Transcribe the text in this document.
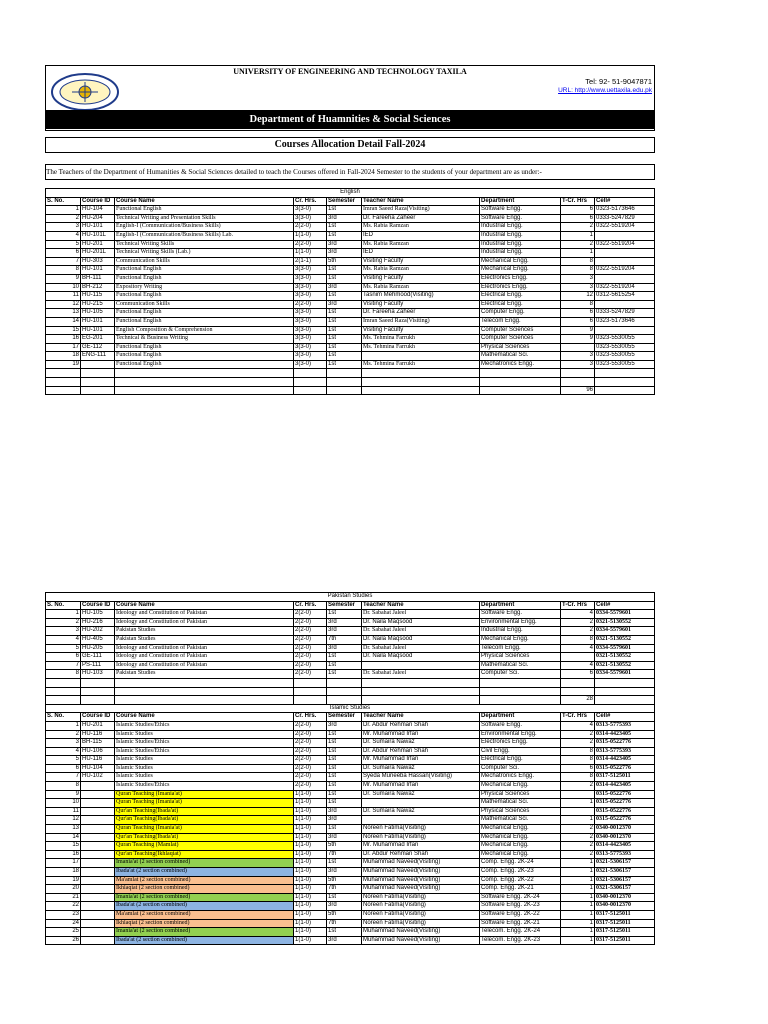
UNIVERSITY OF ENGINEERING AND TECHNOLOGY TAXILA
Tel: 92- 51-9047871
URL: http://www.uettaxila.edu.pk
Department of Huamnities & Social Sciences
Courses Allocation Detail Fall-2024
The Teachers of the Department of Humanities & Social Sciences detailed to teach the Courses offered in Fall-2024 Semester to the students of your department are as under:-
English								
S. No.	Course ID	Course Name	Cr. Hrs.	Semester	Teacher Name	Department	T-Cr. Hrs	Cell#
1	HU-104	Functional English	3(3-0)	1st	Imran Saeed Raza(Visiting)	Software Engg.	6	0323-5173646
2	HU-204	Technical Writing and Presentation Skills	3(3-0)	3rd	Dr. Fareeha Zaheer	Software Engg.	6	0333-5247829
3	HU-101	English-I (Communication/Business Skills)	2(2-0)	1st	Ms. Rabia Ramzan	Industrial Engg.	2	0322-5519204
4	HU-101L	English-I (Communication/Business Skills) Lab.	1(1-0)	1st	IED	Industrial Engg.	1	
5	HU-201	Technical Writing Skills	2(2-0)	3rd	Ms. Rabia Ramzan	Industrial Engg.	2	0322-5519204
6	HU-201L	Technical Writing Skills (Lab.)	1(1-0)	3rd	IED	Industrial Engg.	1	
7	HU-303	Communication Skills	2(1-1)	5th	Visiting Faculty	Mechanical Engg.	8	
8	HU-101	Functional English	3(3-0)	1st	Ms. Rabia Ramzan	Mechanical Engg.	8	0322-5519204
9	BH-111	Functional English	3(3-0)	1st	Visiting Faculty	Electronics Engg.	3	
10	BH-212	Expository Writing	3(3-0)	3rd	Ms. Rabia Ramzan	Electronics Engg.	3	0322-5519204
11	HU-115	Functional English	3(3-0)	1st	Tasnim Mehmood(Visiting)	Electrical Engg.	12	0312-5615254
12	HU-215	Communication Skills	2(2-0)	3rd	Visiting Faculty	Electrical Engg.	8	
13	HU-105	Functional English	3(3-0)	1st	Dr. Fareeha Zaheer	Computer Engg.	6	0333-5247829
14	HU-101	Functional English	3(3-0)	1st	Imran Saeed Raza(Visiting)	Telecom Engg.	6	0323-5173646
15	HU-101	English Composition & Comprehension	3(3-0)	1st	Visiting Faculty	Computer Sciences	9	
16	EG-201	Technical & Business Writing	3(3-0)	1st	Ms. Tehmina Farrukh	Computer Sciences	9	0323-5530055
17	GE-112	Functional English	3(3-0)	1st	Ms. Tehmina Farrukh	Physical Sciences		0323-5530055
18	ENG-111	Functional English	3(3-0)	1st		Mathematical Sci.	3	0323-5530055
19		Functional English	3(3-0)	1st	Ms. Tehmina Farrukh	Mechatronics Engg.	3	0323-5530055

							96	
Pakistan Studies								
S. No.	Course ID	Course Name	Cr. Hrs.	Semester	Teacher Name	Department	T-Cr. Hrs	Cell#
1	HU-105	Ideology and Constitution of Pakistan	2(2-0)	1st	Dr. Sabahat Jaleel	Software Engg.	4	0334-5579601
2	HU-216	Ideology and Constitution of Pakistan	2(2-0)	3rd	Dr. Naila Maqsood	Environmental Engg.	2	0321-5130552
3	HU-202	Pakistan Studies	2(2-0)	3rd	Dr. Sabahat Jaleel	Industrial Engg.	2	0334-5579601
4	HU-405	Pakistan Studies	2(2-0)	7th	Dr. Naila Maqsood	Mechanical Engg.	8	0321-5130552
5	HU-205	Ideology and Constitution of Pakistan	2(2-0)	3rd	Dr. Sabahat Jaleel	Telecom Engg.	4	0334-5579601
6	GE-111	Ideology and Constitution of Pakistan	2(2-0)	1st	Dr. Naila Maqsood	Physical Sciences		0321-5130552
7	PS-111	Ideology and Constitution of Pakistan	2(2-0)	1st		Mathematical Sci.	4	0321-5130552
8	HU-103	Pakistan Studies	2(2-0)	1st	Dr. Sabahat Jaleel	Computer Sci.	6	0334-5579601

							28	
Islamic Studies								
S. No.	Course ID	Course Name	Cr. Hrs.	Semester	Teacher Name	Department	T-Cr. Hrs	Cell#
1	HU-201	Islamic Studies/Ethics	2(2-0)	3rd	Dr. Abdur Rehman Shah	Software Engg.	4	0313-5775393
2	HU-116	Islamic Studies	2(2-0)	1st	Mr. Muhammad Irfan	Environmental Engg.	2	0314-4423405
3	BH-115	Islamic Studies/Ethics	2(2-0)	1st	Dr. Sumaira Nawaz	Electronics Engg.	2	0315-0522776
4	HU-106	Islamic Studies/Ethics	2(2-0)	1st	Dr. Abdur Rehman Shah	Civil Engg.	8	0313-5775393
5	HU-116	Islamic Studies	2(2-0)	1st	Mr. Muhammad Irfan	Electrical Engg.	8	0314-4423405
6	HU-104	Islamic Studies	2(2-0)	1st	Dr. Sumaira Nawaz	Computer Sci.	6	0315-0522776
7	HU-102	Islamic Studies	2(2-0)	1st	Syeda Muneeba Hassan(Visiting)	Mechatronics Engg.	8	0317-5125011
8		Islamic Studies/Ethics	2(2-0)	1st	Mr. Muhammad Irfan	Mechanical Engg.	2	0314-4423405
9		Quran Teaching (Imania'at)	1(1-0)	1st	Dr. Sumaira Nawaz	Physical Sciences		0315-0522776
10		Quran Teaching (Imania'at)	1(1-0)	1st		Mathematical Sci.	1	0315-0522776
11		Qur'an Teaching(Ibada'at)	1(1-0)	3rd	Dr. Sumaira Nawaz	Physical Sciences		0315-0522776
12		Qur'an Teaching(Ibada'at)	1(1-0)	3rd		Mathematical Sci.	1	0315-0522776
13		Quran Teaching (Imania'at)	1(1-0)	1st	Noreen Fatima(Visiting)	Mechanical Engg.	2	0340-0012370
14		Qur'an Teaching(Ibada'at)	1(1-0)	3rd	Noreen Fatima(Visiting)	Mechanical Engg.	2	0340-0012370
15		Quran Teaching (Mamlat)	1(1-0)	5th	Mr. Muhammad Irfan	Mechanical Engg.	2	0314-4423405
16		Qur'an Teaching(Ikhlaqiat)	1(1-0)	7th	Dr. Abdur Rehman Shah	Mechanical Engg.	2	0313-5775393
17		Imania'at (2 section combined)	1(1-0)	1st	Muhammad Naveed(Visiting)	Comp. Engg. 2K-24	1	0321-5306157
18		Ibada'at (2 section combined)	1(1-0)	3rd	Muhammad Naveed(Visiting)	Comp. Engg. 2K-23	1	0321-5306157
19		Ma'amlat (2 section combined)	1(1-0)	5th	Muhammad Naveed(Visiting)	Comp. Engg. 2K-22	1	0321-5306157
20		Ikhlaqiat (2 section combined)	1(1-0)	7th	Muhammad Naveed(Visiting)	Comp. Engg. 2K-21	1	0321-5306157
21		Imania'at (2 section combined)	1(1-0)	1st	Noreen Fatima(Visiting)	Software Engg. 2K-24	1	0340-0012370
22		Ibada'at (2 section combined)	1(1-0)	3rd	Noreen Fatima(Visiting)	Software Engg. 2K-23	1	0340-0012370
23		Ma'amlat (2 section combined)	1(1-0)	5th	Noreen Fatima(Visiting)	Software Engg. 2K-22	1	0317-5125011
24		Ikhlaqiat (2 section combined)	1(1-0)	7th	Noreen Fatima(Visiting)	Software Engg. 2K-21	1	0317-5125011
25		Imania'at (2 section combined)	1(1-0)	1st	Muhammad Naveed(Visiting)	Telecom. Engg. 2K-24	1	0317-5125011
26		Ibada'at (2 section combined)	1(1-0)	3rd	Muhammad Naveed(Visiting)	Telecom. Engg. 2K-23	1	0317-5125011
